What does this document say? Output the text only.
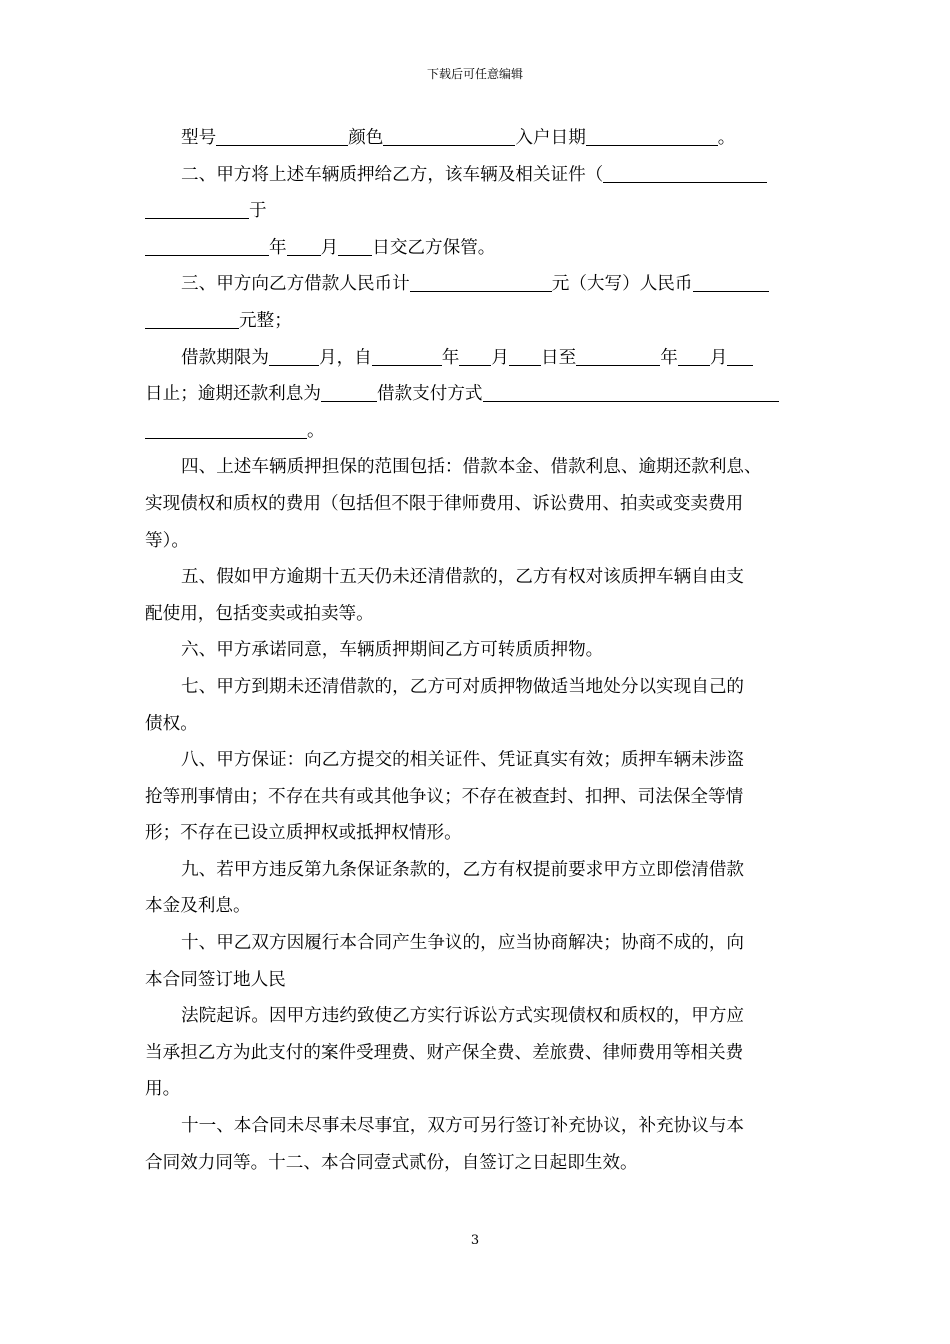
下载后可任意编辑
型号	颜色	入户日期	。
二、甲方将上述车辆质押给乙方，该车辆及相关证件（
于
年 月 日交乙方保管。
三、甲方向乙方借款人民币计	元（大写）人民币
元整；
借款期限为	月，自	年 月 日至	年 月
日止；逾期还款利息为	借款支付方式
。
四、上述车辆质押担保的范围包括：借款本金、借款利息、逾期还款利息、
实现债权和质权的费用（包括但不限于律师费用、诉讼费用、拍卖或变卖费用
等）。
五、假如甲方逾期十五天仍未还清借款的，乙方有权对该质押车辆自由支
配使用，包括变卖或拍卖等。
六、甲方承诺同意，车辆质押期间乙方可转质质押物。
七、甲方到期未还清借款的，乙方可对质押物做适当地处分以实现自己的
债权。
八、甲方保证：向乙方提交的相关证件、凭证真实有效；质押车辆未涉盗
抢等刑事情由；不存在共有或其他争议；不存在被查封、扣押、司法保全等情
形；不存在已设立质押权或抵押权情形。
九、若甲方违反第九条保证条款的，乙方有权提前要求甲方立即偿清借款
本金及利息。
十、甲乙双方因履行本合同产生争议的，应当协商解决；协商不成的，向
本合同签订地人民
法院起诉。因甲方违约致使乙方实行诉讼方式实现债权和质权的，甲方应
当承担乙方为此支付的案件受理费、财产保全费、差旅费、律师费用等相关费
用。
十一、本合同未尽事未尽事宜，双方可另行签订补充协议，补充协议与本
合同效力同等。十二、本合同壹式贰份，自签订之日起即生效。
3
